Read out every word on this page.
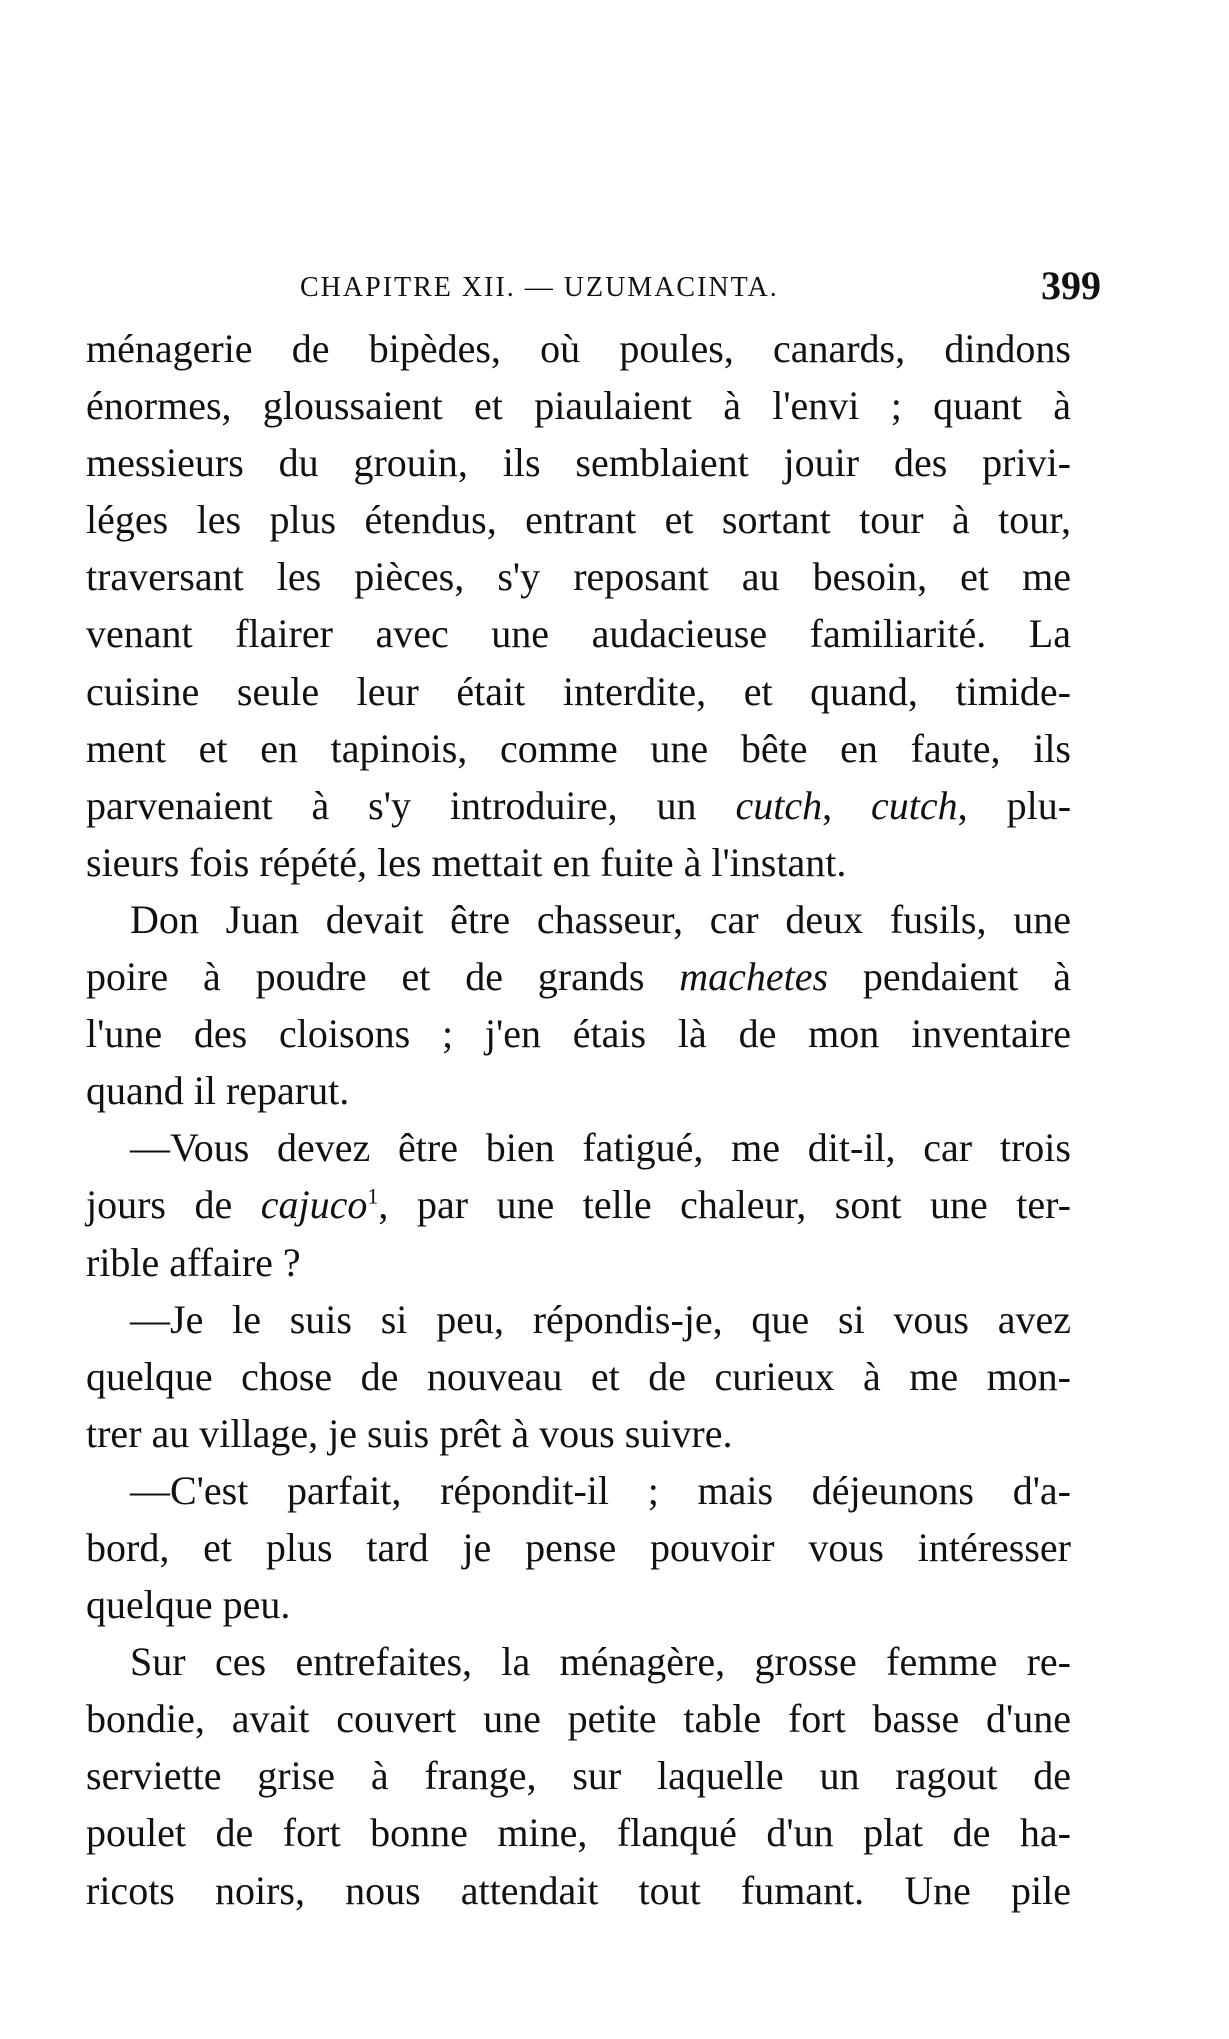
CHAPITRE XII. — UZUMACINTA.	399
ménagerie de bipèdes, où poules, canards, dindons
énormes, gloussaient et piaulaient à l'envi ; quant à
messieurs du grouin, ils semblaient jouir des privi-
léges les plus étendus, entrant et sortant tour à tour,
traversant les pièces, s'y reposant au besoin, et me
venant flairer avec une audacieuse familiarité. La
cuisine seule leur était interdite, et quand, timide-
ment et en tapinois, comme une bête en faute, ils
parvenaient à s'y introduire, un cutch, cutch, plu-
sieurs fois répété, les mettait en fuite à l'instant.
Don Juan devait être chasseur, car deux fusils, une
poire à poudre et de grands machetes pendaient à
l'une des cloisons ; j'en étais là de mon inventaire
quand il reparut.
—Vous devez être bien fatigué, me dit-il, car trois
jours de cajuco$^1$, par une telle chaleur, sont une ter-
rible affaire ?
—Je le suis si peu, répondis-je, que si vous avez
quelque chose de nouveau et de curieux à me mon-
trer au village, je suis prêt à vous suivre.
—C'est parfait, répondit-il ; mais déjeunons d'a-
bord, et plus tard je pense pouvoir vous intéresser
quelque peu.
Sur ces entrefaites, la ménagère, grosse femme re-
bondie, avait couvert une petite table fort basse d'une
serviette grise à frange, sur laquelle un ragout de
poulet de fort bonne mine, flanqué d'un plat de ha-
ricots noirs, nous attendait tout fumant. Une pile
